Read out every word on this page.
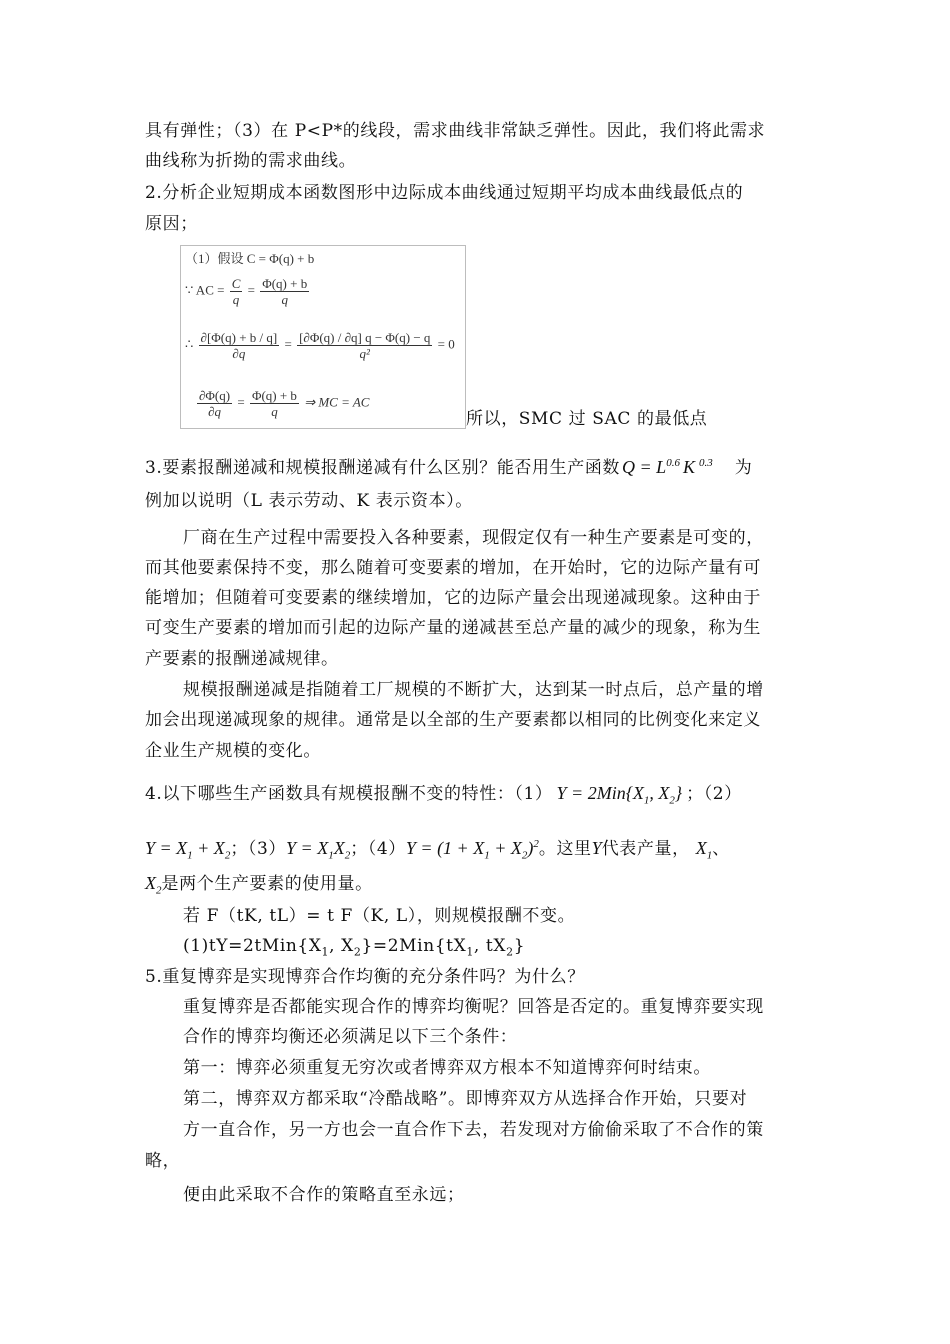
具有弹性；（3）在 P<P*的线段，需求曲线非常缺乏弹性。因此，我们将此需求
曲线称为折拗的需求曲线。
2.分析企业短期成本函数图形中边际成本曲线通过短期平均成本曲线最低点的
原因；
（1）假设 C = Φ(q) + b
∵ AC = $\frac{C}{q} = \frac{\Phi(q) + b}{q}$
∴ $\frac{\partial[\Phi(q) + b / q]}{\partial q} = \frac{[\partial\Phi(q) / \partial q] q - \Phi(q) - q}{\text{q²}} = 0$
$\frac{\partial\Phi(q)}{\partial q} = \frac{\Phi(q) + b}{q}$ ⇒ MC = AC
所以，SMC 过 SAC 的最低点
3.要素报酬递减和规模报酬递减有什么区别？能否用生产函数 $Q = L^{0.6}$ K $^{0.3}$ 为
例加以说明（L 表示劳动、K 表示资本）。
厂商在生产过程中需要投入各种要素，现假定仅有一种生产要素是可变的，
而其他要素保持不变，那么随着可变要素的增加，在开始时，它的边际产量有可
能增加；但随着可变要素的继续增加，它的边际产量会出现递减现象。这种由于
可变生产要素的增加而引起的边际产量的递减甚至总产量的减少的现象，称为生
产要素的报酬递减规律。
规模报酬递减是指随着工厂规模的不断扩大，达到某一时点后，总产量的增
加会出现递减现象的规律。通常是以全部的生产要素都以相同的比例变化来定义
企业生产规模的变化。
4.以下哪些生产函数具有规模报酬不变的特性：（1） $Y = 2Min\{X_1$, $X_2$} ；（2）
$Y = X_1 + X_2$；$(3)Y = X_1X_2$；$(4)Y = (1 + X_1 + X_2)^2$。这里Y代表产量， $X_1$、
$X_2$是两个生产要素的使用量。
若 F（tK, tL）= t F（K, L），则规模报酬不变。
$(1)tY=2tMin\{X_1$, $X_2\}=2Min\{tX_1$, $tX_2$}
5.重复博弈是实现博弈合作均衡的充分条件吗？为什么？
重复博弈是否都能实现合作的博弈均衡呢？回答是否定的。重复博弈要实现
合作的博弈均衡还必须满足以下三个条件：
第一：博弈必须重复无穷次或者博弈双方根本不知道博弈何时结束。
第二，博弈双方都采取“冷酷战略”。即博弈双方从选择合作开始，只要对
方一直合作，另一方也会一直合作下去，若发现对方偷偷采取了不合作的策
略，
便由此采取不合作的策略直至永远；
